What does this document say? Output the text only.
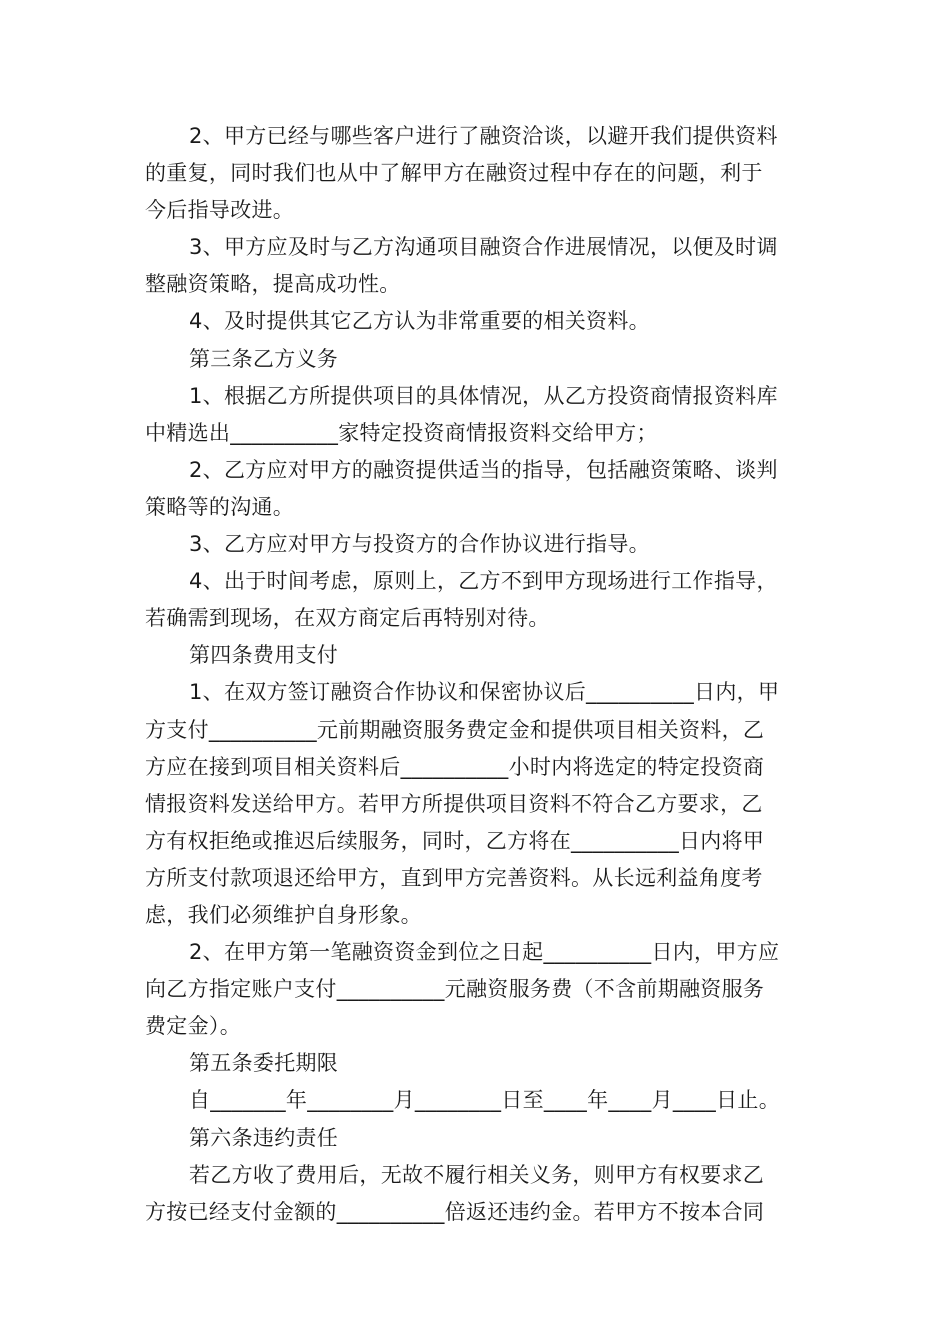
2、甲方已经与哪些客户进行了融资洽谈，以避开我们提供资料
的重复，同时我们也从中了解甲方在融资过程中存在的问题，利于
今后指导改进。
3、甲方应及时与乙方沟通项目融资合作进展情况，以便及时调
整融资策略，提高成功性。
4、及时提供其它乙方认为非常重要的相关资料。
第三条乙方义务
1、根据乙方所提供项目的具体情况，从乙方投资商情报资料库
中精选出__________家特定投资商情报资料交给甲方；
2、乙方应对甲方的融资提供适当的指导，包括融资策略、谈判
策略等的沟通。
3、乙方应对甲方与投资方的合作协议进行指导。
4、出于时间考虑，原则上，乙方不到甲方现场进行工作指导，
若确需到现场，在双方商定后再特别对待。
第四条费用支付
1、在双方签订融资合作协议和保密协议后__________日内，甲
方支付__________元前期融资服务费定金和提供项目相关资料，乙
方应在接到项目相关资料后__________小时内将选定的特定投资商
情报资料发送给甲方。若甲方所提供项目资料不符合乙方要求，乙
方有权拒绝或推迟后续服务，同时，乙方将在__________日内将甲
方所支付款项退还给甲方，直到甲方完善资料。从长远利益角度考
虑，我们必须维护自身形象。
2、在甲方第一笔融资资金到位之日起__________日内，甲方应
向乙方指定账户支付__________元融资服务费（不含前期融资服务
费定金）。
第五条委托期限
自_______年________月________日至____年____月____日止。
第六条违约责任
若乙方收了费用后，无故不履行相关义务，则甲方有权要求乙
方按已经支付金额的__________倍返还违约金。若甲方不按本合同
